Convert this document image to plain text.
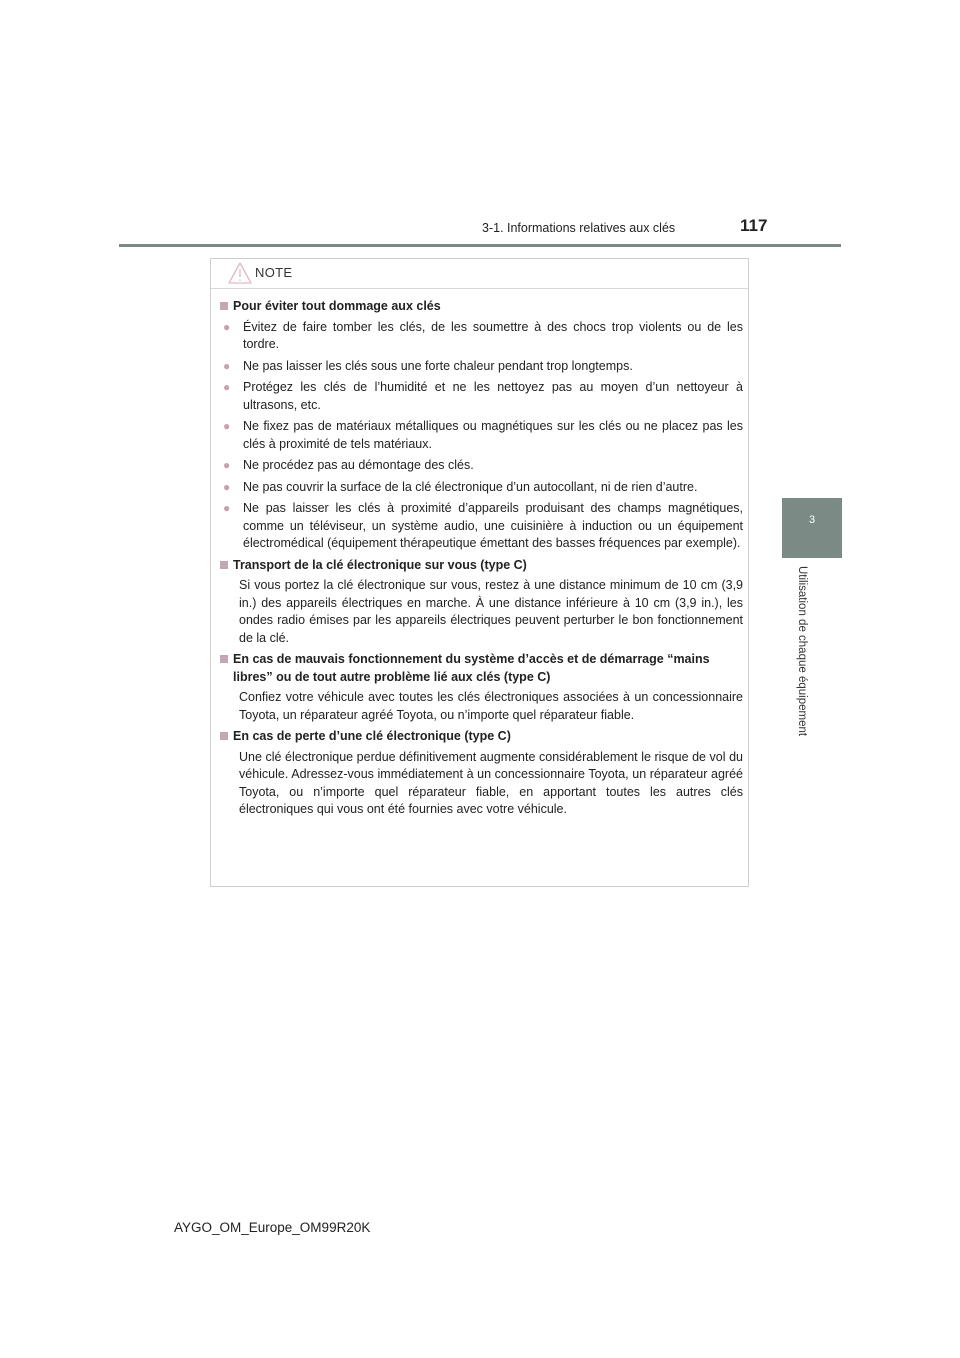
3-1. Informations relatives aux clés	117
3
Utilisation de chaque équipement
NOTE
Pour éviter tout dommage aux clés
●	Évitez de faire tomber les clés, de les soumettre à des chocs trop violents ou de les tordre.
●	Ne pas laisser les clés sous une forte chaleur pendant trop longtemps.
●	Protégez les clés de l’humidité et ne les nettoyez pas au moyen d’un nettoyeur à ultrasons, etc.
●	Ne fixez pas de matériaux métalliques ou magnétiques sur les clés ou ne placez pas les clés à proximité de tels matériaux.
●	Ne procédez pas au démontage des clés.
●	Ne pas couvrir la surface de la clé électronique d’un autocollant, ni de rien d’autre.
●	Ne pas laisser les clés à proximité d’appareils produisant des champs magnétiques, comme un téléviseur, un système audio, une cuisinière à induction ou un équipement électromédical (équipement thérapeutique émettant des basses fréquences par exemple).
Transport de la clé électronique sur vous (type C)
Si vous portez la clé électronique sur vous, restez à une distance minimum de 10 cm (3,9 in.) des appareils électriques en marche. À une distance inférieure à 10 cm (3,9 in.), les ondes radio émises par les appareils électriques peuvent perturber le bon fonctionnement de la clé.
En cas de mauvais fonctionnement du système d’accès et de démarrage “mains libres” ou de tout autre problème lié aux clés (type C)
Confiez votre véhicule avec toutes les clés électroniques associées à un concessionnaire Toyota, un réparateur agréé Toyota, ou n’importe quel réparateur fiable.
En cas de perte d’une clé électronique (type C)
Une clé électronique perdue définitivement augmente considérablement le risque de vol du véhicule. Adressez-vous immédiatement à un concessionnaire Toyota, un réparateur agréé Toyota, ou n’importe quel réparateur fiable, en apportant toutes les autres clés électroniques qui vous ont été fournies avec votre véhicule.
AYGO_OM_Europe_OM99R20K
